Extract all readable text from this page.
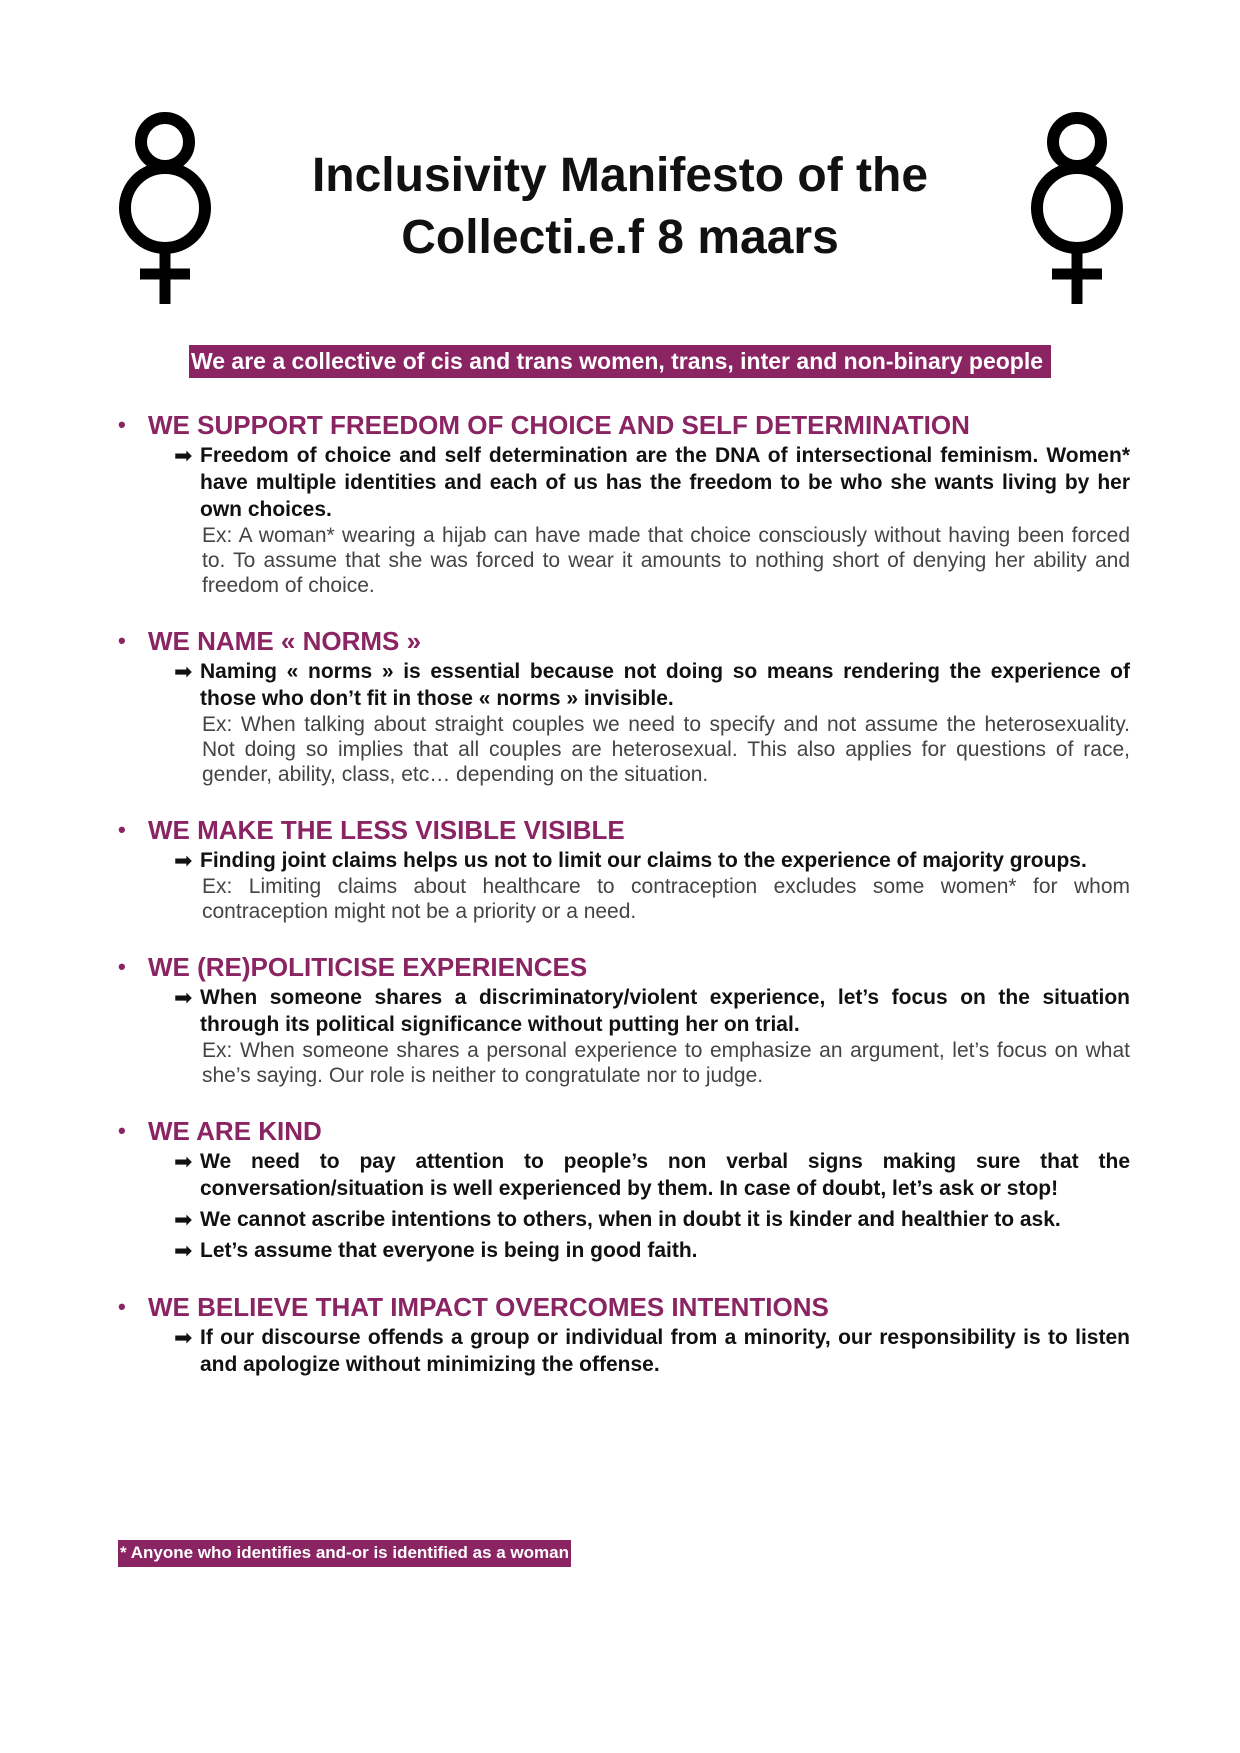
Inclusivity Manifesto of the
Collecti.e.f 8 maars
We are a collective of cis and trans women, trans, inter and non-binary people
• WE SUPPORT FREEDOM OF CHOICE AND SELF DETERMINATION
➡ Freedom of choice and self determination are the DNA of intersectional feminism. Women* have multiple identities and each of us has the freedom to be who she wants living by her own choices.
Ex: A woman* wearing a hijab can have made that choice consciously without having been forced to. To assume that she was forced to wear it amounts to nothing short of denying her ability and freedom of choice.
• WE NAME « NORMS »
➡ Naming « norms » is essential because not doing so means rendering the experience of those who don’t fit in those « norms » invisible.
Ex: When talking about straight couples we need to specify and not assume the heterosexuality. Not doing so implies that all couples are heterosexual. This also applies for questions of race, gender, ability, class, etc… depending on the situation.
• WE MAKE THE LESS VISIBLE VISIBLE
➡ Finding joint claims helps us not to limit our claims to the experience of majority groups.
Ex: Limiting claims about healthcare to contraception excludes some women* for whom contraception might not be a priority or a need.
• WE (RE)POLITICISE EXPERIENCES
➡ When someone shares a discriminatory/violent experience, let’s focus on the situation through its political significance without putting her on trial.
Ex: When someone shares a personal experience to emphasize an argument, let’s focus on what she’s saying. Our role is neither to congratulate nor to judge.
• WE ARE KIND
➡ We need to pay attention to people’s non verbal signs making sure that the conversation/situation is well experienced by them. In case of doubt, let’s ask or stop!
➡ We cannot ascribe intentions to others, when in doubt it is kinder and healthier to ask.
➡ Let’s assume that everyone is being in good faith.
• WE BELIEVE THAT IMPACT OVERCOMES INTENTIONS
➡ If our discourse offends a group or individual from a minority, our responsibility is to listen and apologize without minimizing the offense.
* Anyone who identifies and-or is identified as a woman
